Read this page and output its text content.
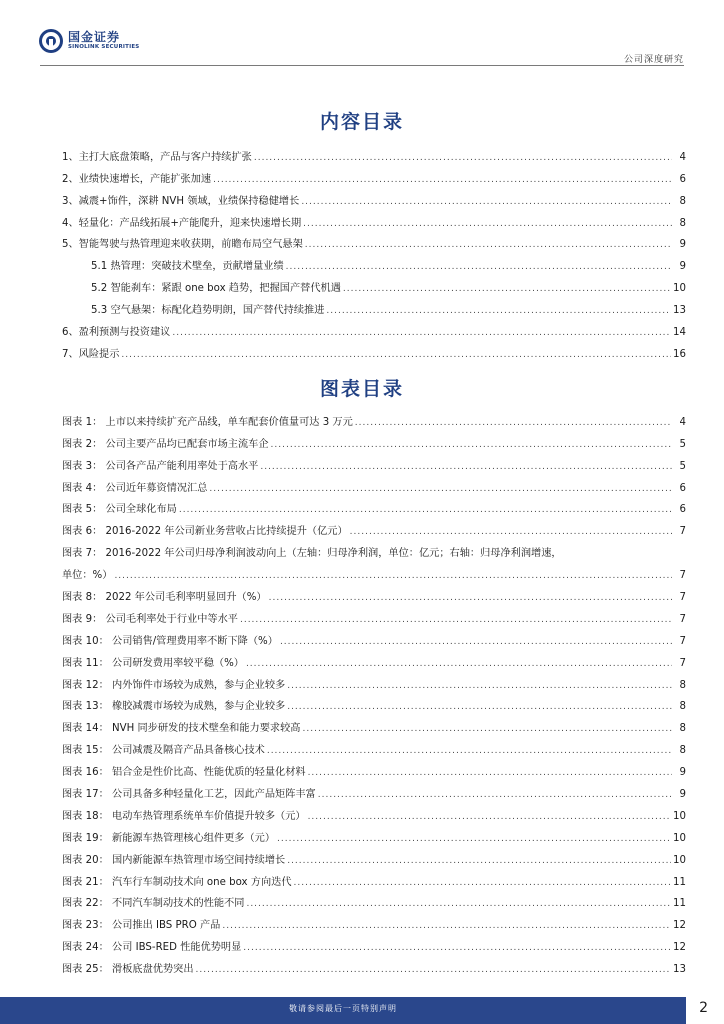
国金证券
SINOLINK SECURITIES
公司深度研究
内容目录
1、主打大底盘策略，产品与客户持续扩张 .....	4
2、业绩快速增长，产能扩张加速 .....	6
3、减震+饰件，深耕 NVH 领域，业绩保持稳健增长 .....	8
4、轻量化：产品线拓展+产能爬升，迎来快速增长期 .....	8
5、智能驾驶与热管理迎来收获期，前瞻布局空气悬架 .....	9
5.1 热管理：突破技术壁垒，贡献增量业绩 .....	9
5.2 智能刹车：紧跟 one box 趋势，把握国产替代机遇 .....	10
5.3 空气悬架：标配化趋势明朗，国产替代持续推进 .....	13
6、盈利预测与投资建议 .....	14
7、风险提示 .....	16
图表目录
图表 1： 上市以来持续扩充产品线，单车配套价值量可达 3 万元 .....	4
图表 2： 公司主要产品均已配套市场主流车企 .....	5
图表 3： 公司各产品产能利用率处于高水平 .....	5
图表 4： 公司近年募资情况汇总 .....	6
图表 5： 公司全球化布局 .....	6
图表 6： 2016-2022 年公司新业务营收占比持续提升（亿元） .....	7
图表 7： 2016-2022 年公司归母净利润波动向上（左轴：归母净利润，单位：亿元；右轴：归母净利润增速，
单位：%） .....	7
图表 8： 2022 年公司毛利率明显回升（%） .....	7
图表 9： 公司毛利率处于行业中等水平 .....	7
图表 10： 公司销售/管理费用率不断下降（%） .....	7
图表 11： 公司研发费用率较平稳（%） .....	7
图表 12： 内外饰件市场较为成熟，参与企业较多 .....	8
图表 13： 橡胶减震市场较为成熟，参与企业较多 .....	8
图表 14： NVH 同步研发的技术壁垒和能力要求较高 .....	8
图表 15： 公司减震及隔音产品具备核心技术 .....	8
图表 16： 铝合金是性价比高、性能优质的轻量化材料 .....	9
图表 17： 公司具备多种轻量化工艺，因此产品矩阵丰富 .....	9
图表 18： 电动车热管理系统单车价值提升较多（元） .....	10
图表 19： 新能源车热管理核心组件更多（元） .....	10
图表 20： 国内新能源车热管理市场空间持续增长 .....	10
图表 21： 汽车行车制动技术向 one box 方向迭代 .....	11
图表 22： 不同汽车制动技术的性能不同 .....	11
图表 23： 公司推出 IBS PRO 产品 .....	12
图表 24： 公司 IBS-RED 性能优势明显 .....	12
图表 25： 滑板底盘优势突出 .....	13
敬请参阅最后一页特别声明	2
